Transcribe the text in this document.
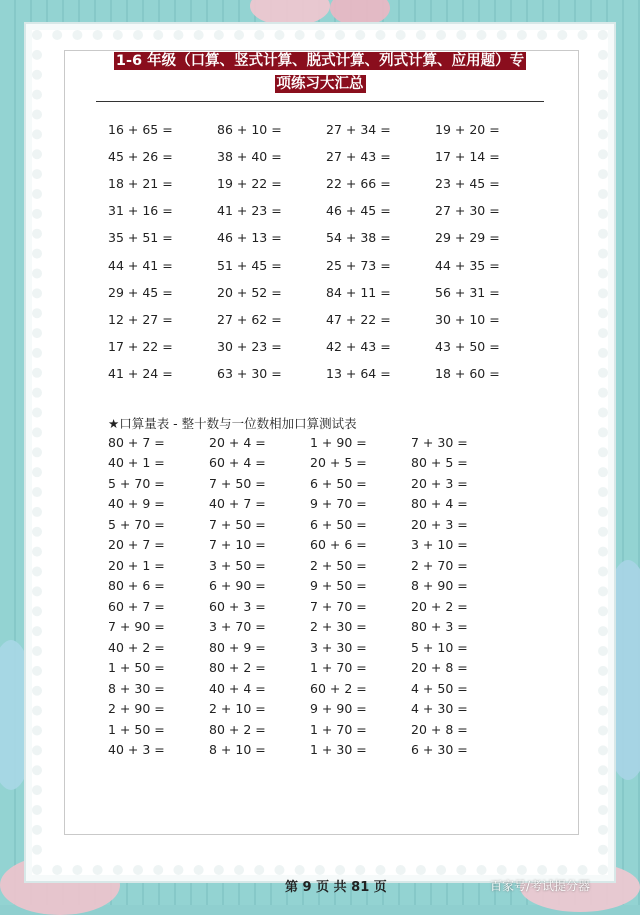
1-6 年级（口算、竖式计算、脱式计算、列式计算、应用题）专
项练习大汇总
16 + 65 =	86 + 10 =	27 + 34 =	19 + 20 =
45 + 26 =	38 + 40 =	27 + 43 =	17 + 14 =
18 + 21 =	19 + 22 =	22 + 66 =	23 + 45 =
31 + 16 =	41 + 23 =	46 + 45 =	27 + 30 =
35 + 51 =	46 + 13 =	54 + 38 =	29 + 29 =
44 + 41 =	51 + 45 =	25 + 73 =	44 + 35 =
29 + 45 =	20 + 52 =	84 + 11 =	56 + 31 =
12 + 27 =	27 + 62 =	47 + 22 =	30 + 10 =
17 + 22 =	30 + 23 =	42 + 43 =	43 + 50 =
41 + 24 =	63 + 30 =	13 + 64 =	18 + 60 =
★口算量表 - 整十数与一位数相加口算测试表
80 + 7 =	20 + 4 =	1 + 90 =	7 + 30 =
40 + 1 =	60 + 4 =	20 + 5 =	80 + 5 =
5 + 70 =	7 + 50 =	6 + 50 =	20 + 3 =
40 + 9 =	40 + 7 =	9 + 70 =	80 + 4 =
5 + 70 =	7 + 50 =	6 + 50 =	20 + 3 =
20 + 7 =	7 + 10 =	60 + 6 =	3 + 10 =
20 + 1 =	3 + 50 =	2 + 50 =	2 + 70 =
80 + 6 =	6 + 90 =	9 + 50 =	8 + 90 =
60 + 7 =	60 + 3 =	7 + 70 =	20 + 2 =
7 + 90 =	3 + 70 =	2 + 30 =	80 + 3 =
40 + 2 =	80 + 9 =	3 + 30 =	5 + 10 =
1 + 50 =	80 + 2 =	1 + 70 =	20 + 8 =
8 + 30 =	40 + 4 =	60 + 2 =	4 + 50 =
2 + 90 =	2 + 10 =	9 + 90 =	4 + 30 =
1 + 50 =	80 + 2 =	1 + 70 =	20 + 8 =
40 + 3 =	8 + 10 =	1 + 30 =	6 + 30 =
第 9 页 共 81 页	百家号/考试提分器
